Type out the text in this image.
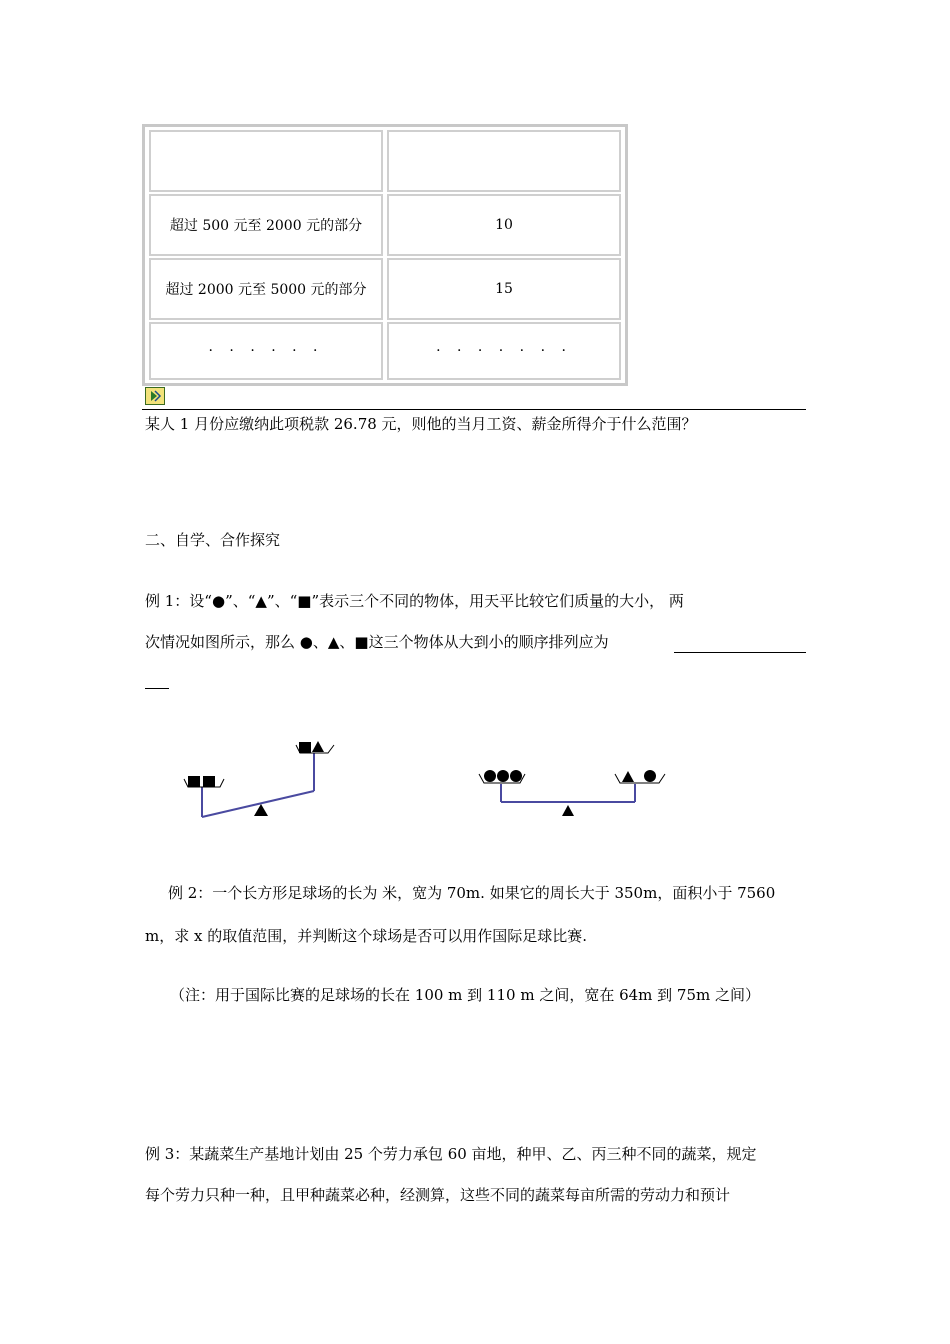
超过 500 元至 2000 元的部分	10
超过 2000 元至 5000 元的部分	15
· · · · · ·	· · · · · · ·
某人 1 月份应缴纳此项税款 26.78 元，则他的当月工资、薪金所得介于什么范围？
二、自学、合作探究
例 1：设“●”、“▲”、“■”表示三个不同的物体，用天平比较它们质量的大小， 两
次情况如图所示，那么 ●、▲、■这三个物体从大到小的顺序排列应为
例 2：一个长方形足球场的长为 米，宽为 70m. 如果它的周长大于 350m，面积小于 7560
m，求 x 的取值范围，并判断这个球场是否可以用作国际足球比赛.
（注：用于国际比赛的足球场的长在 100 m 到 110 m 之间，宽在 64m 到 75m 之间）
例 3：某蔬菜生产基地计划由 25 个劳力承包 60 亩地，种甲、乙、丙三种不同的蔬菜，规定
每个劳力只种一种，且甲种蔬菜必种，经测算，这些不同的蔬菜每亩所需的劳动力和预计
